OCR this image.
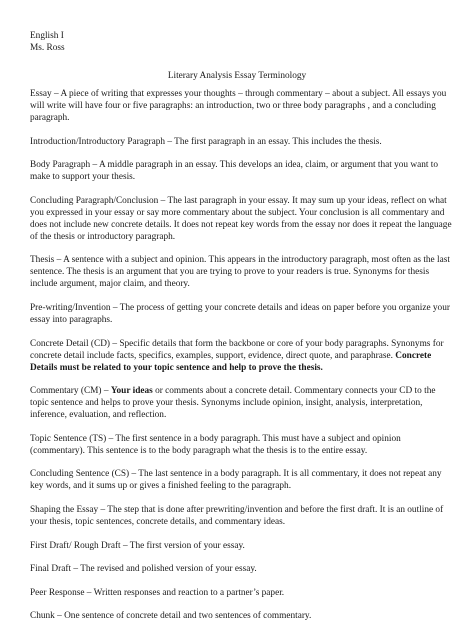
English I
Ms. Ross
Literary Analysis Essay Terminology

Essay – A piece of writing that expresses your thoughts – through commentary – about a subject. All essays you will write will have four or five paragraphs: an introduction, two or three body paragraphs , and a concluding paragraph.

Introduction/Introductory Paragraph – The first paragraph in an essay. This includes the thesis.

Body Paragraph – A middle paragraph in an essay. This develops an idea, claim, or argument that you want to make to support your thesis.

Concluding Paragraph/Conclusion – The last paragraph in your essay. It may sum up your ideas, reflect on what you expressed in your essay or say more commentary about the subject. Your conclusion is all commentary and does not include new concrete details. It does not repeat key words from the essay nor does it repeat the language of the thesis or introductory paragraph.

Thesis – A sentence with a subject and opinion. This appears in the introductory paragraph, most often as the last sentence. The thesis is an argument that you are trying to prove to your readers is true. Synonyms for thesis include argument, major claim, and theory.

Pre-writing/Invention – The process of getting your concrete details and ideas on paper before you organize your essay into paragraphs.

Concrete Detail (CD) – Specific details that form the backbone or core of your body paragraphs. Synonyms for concrete detail include facts, specifics, examples, support, evidence, direct quote, and paraphrase. Concrete Details must be related to your topic sentence and help to prove the thesis.

Commentary (CM) – Your ideas or comments about a concrete detail. Commentary connects your CD to the topic sentence and helps to prove your thesis. Synonyms include opinion, insight, analysis, interpretation, inference, evaluation, and reflection.

Topic Sentence (TS) – The first sentence in a body paragraph. This must have a subject and opinion (commentary). This sentence is to the body paragraph what the thesis is to the entire essay.

Concluding Sentence (CS) – The last sentence in a body paragraph. It is all commentary, it does not repeat any key words, and it sums up or gives a finished feeling to the paragraph.

Shaping the Essay – The step that is done after prewriting/invention and before the first draft. It is an outline of your thesis, topic sentences, concrete details, and commentary ideas.

First Draft/ Rough Draft – The first version of your essay.

Final Draft – The revised and polished version of your essay.

Peer Response – Written responses and reaction to a partner’s paper.

Chunk – One sentence of concrete detail and two sentences of commentary.
